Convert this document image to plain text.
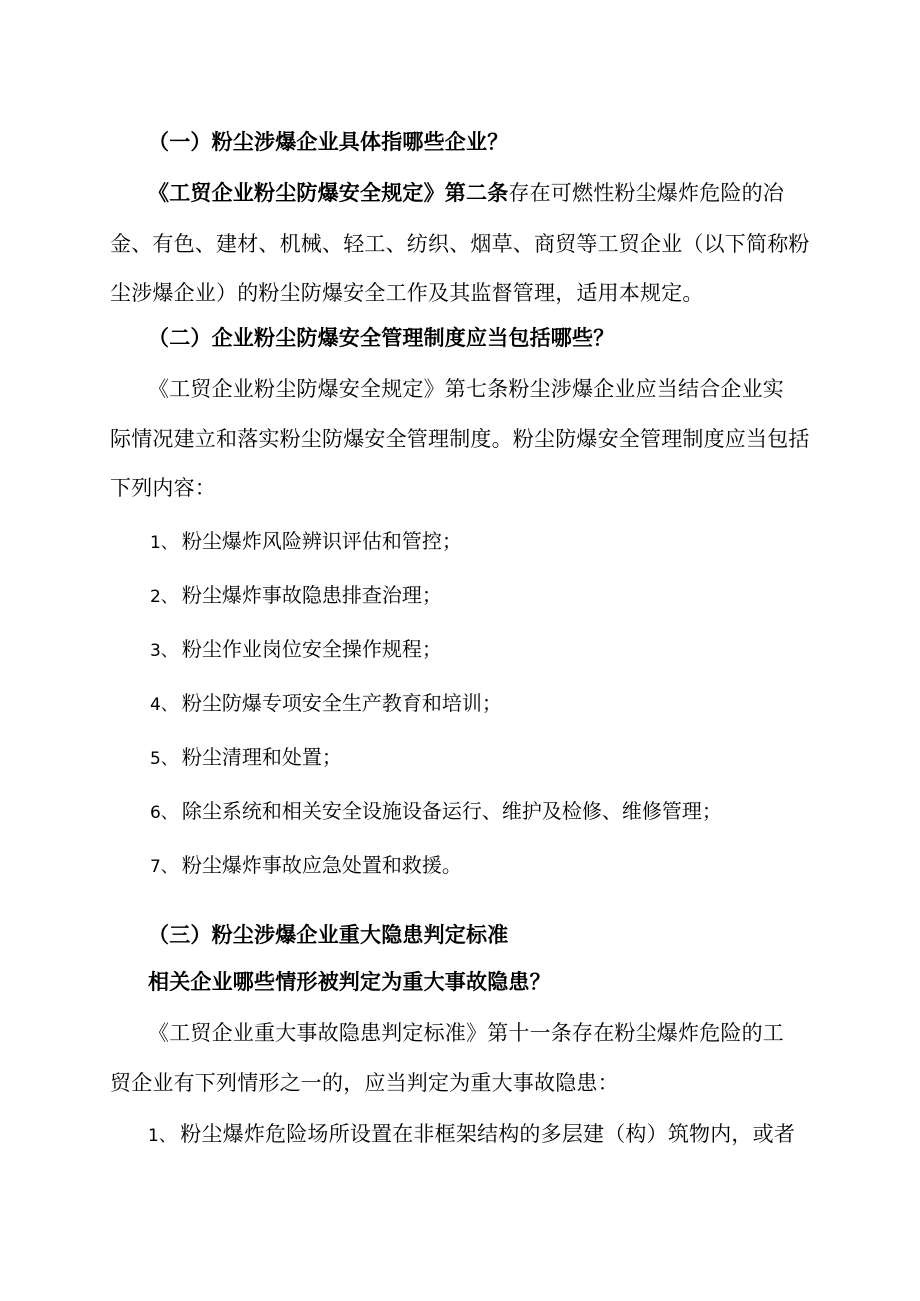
（一）粉尘涉爆企业具体指哪些企业？
《工贸企业粉尘防爆安全规定》第二条存在可燃性粉尘爆炸危险的冶
金、有色、建材、机械、轻工、纺织、烟草、商贸等工贸企业（以下简称粉
尘涉爆企业）的粉尘防爆安全工作及其监督管理，适用本规定。
（二）企业粉尘防爆安全管理制度应当包括哪些？
《工贸企业粉尘防爆安全规定》第七条粉尘涉爆企业应当结合企业实
际情况建立和落实粉尘防爆安全管理制度。粉尘防爆安全管理制度应当包括
下列内容：
1、 粉尘爆炸风险辨识评估和管控；
2、 粉尘爆炸事故隐患排查治理；
3、 粉尘作业岗位安全操作规程；
4、 粉尘防爆专项安全生产教育和培训；
5、 粉尘清理和处置；
6、 除尘系统和相关安全设施设备运行、维护及检修、维修管理；
7、 粉尘爆炸事故应急处置和救援。
（三）粉尘涉爆企业重大隐患判定标准
相关企业哪些情形被判定为重大事故隐患？
《工贸企业重大事故隐患判定标准》第十一条存在粉尘爆炸危险的工
贸企业有下列情形之一的，应当判定为重大事故隐患：
1、 粉尘爆炸危险场所设置在非框架结构的多层建（构）筑物内，或者
